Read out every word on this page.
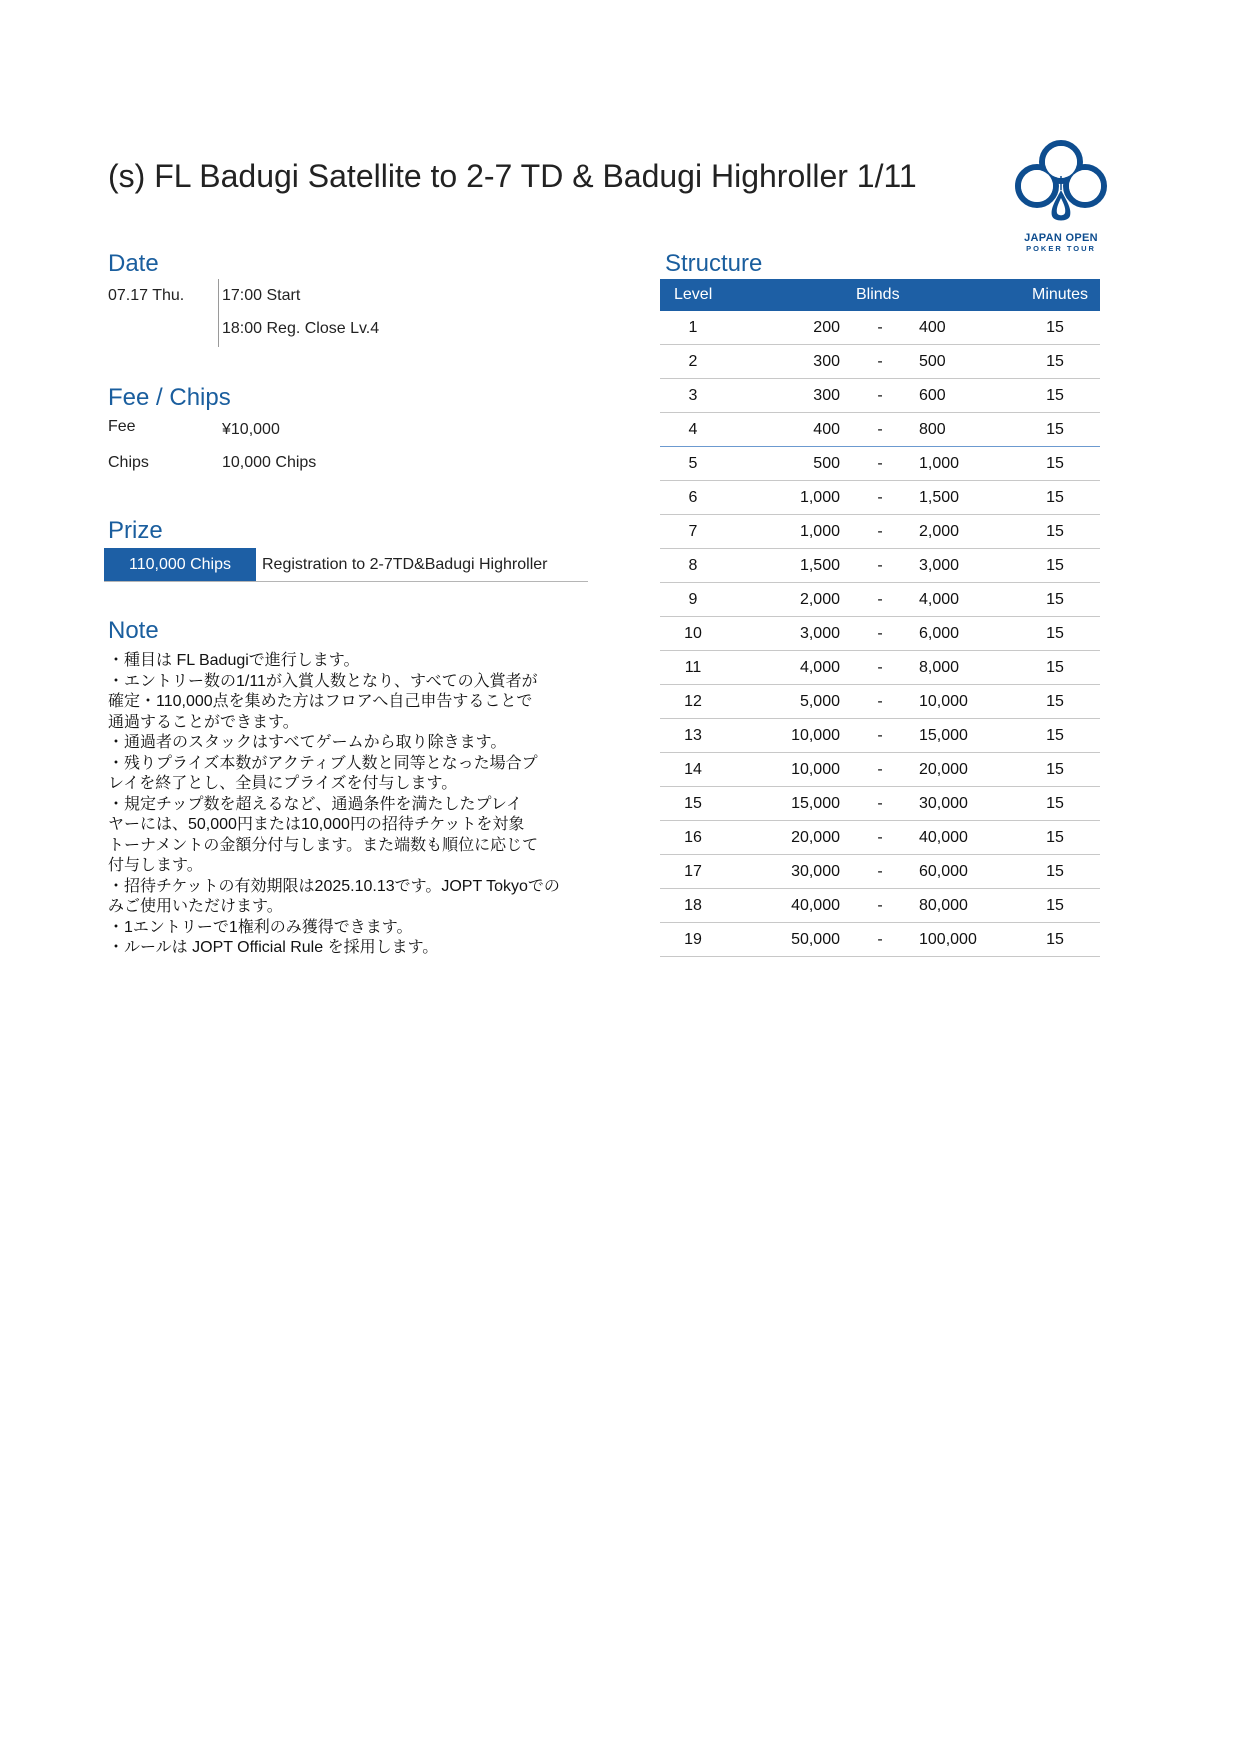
(s) FL Badugi Satellite to 2-7 TD & Badugi Highroller 1/11
JAPAN OPEN
POKER TOUR
Date
07.17 Thu. 17:00 Start
18:00 Reg. Close Lv.4
Fee / Chips
Fee	¥10,000
Chips	10,000 Chips
Prize
110,000 Chips	Registration to 2-7TD&Badugi Highroller
Note
・種目は FL Badugiで進行します。
・エントリー数の1/11が入賞人数となり、すべての入賞者が
確定・110,000点を集めた方はフロアへ自己申告することで
通過することができます。
・通過者のスタックはすべてゲームから取り除きます。
・残りプライズ本数がアクティブ人数と同等となった場合プ
レイを終了とし、全員にプライズを付与します。
・規定チップ数を超えるなど、通過条件を満たしたプレイ
ヤーには、50,000円または10,000円の招待チケットを対象
トーナメントの金額分付与します。また端数も順位に応じて
付与します。
・招待チケットの有効期限は2025.10.13です。JOPT Tokyoでの
みご使用いただけます。
・1エントリーで1権利のみ獲得できます。
・ルールは JOPT Official Rule を採用します。
Structure
Level	Blinds	Minutes
1	200	-	400	15
2	300	-	500	15
3	300	-	600	15
4	400	-	800	15
5	500	-	1,000	15
6	1,000	-	1,500	15
7	1,000	-	2,000	15
8	1,500	-	3,000	15
9	2,000	-	4,000	15
10	3,000	-	6,000	15
11	4,000	-	8,000	15
12	5,000	-	10,000	15
13	10,000	-	15,000	15
14	10,000	-	20,000	15
15	15,000	-	30,000	15
16	20,000	-	40,000	15
17	30,000	-	60,000	15
18	40,000	-	80,000	15
19	50,000	-	100,000	15
